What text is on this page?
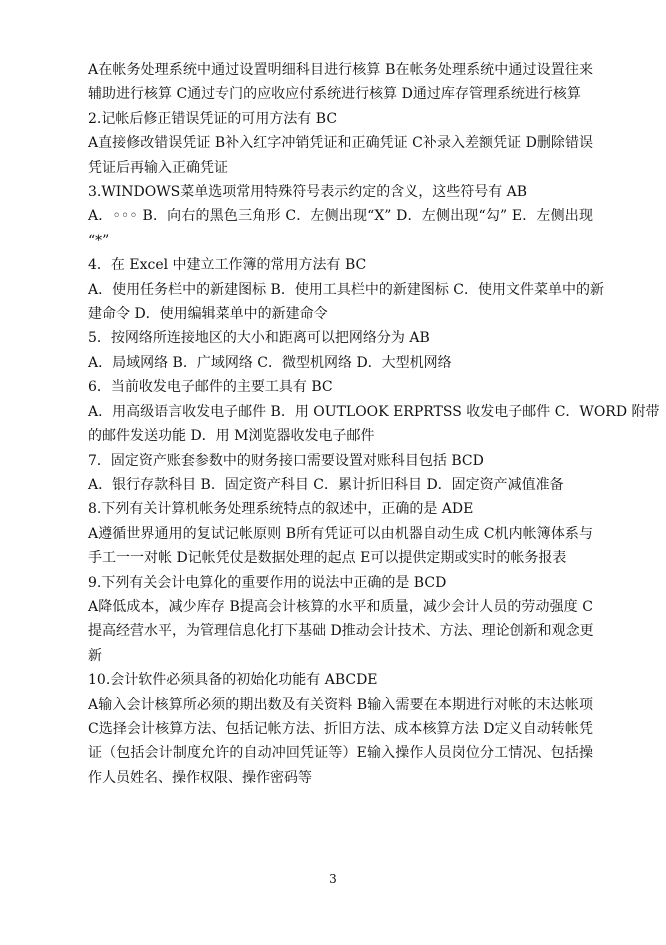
A在帐务处理系统中通过设置明细科目进行核算 B在帐务处理系统中通过设置往来
辅助进行核算 C通过专门的应收应付系统进行核算 D通过库存管理系统进行核算
2.记帐后修正错误凭证的可用方法有 BC
A直接修改错误凭证 B补入红字冲销凭证和正确凭证 C补录入差额凭证 D删除错误
凭证后再输入正确凭证
3.WINDOWS菜单选项常用特殊符号表示约定的含义，这些符号有 AB
A．◦◦◦ B．向右的黑色三角形 C．左侧出现“X” D．左侧出现“勾” E．左侧出现
“*”
4．在 Excel 中建立工作簿的常用方法有 BC
A．使用任务栏中的新建图标 B．使用工具栏中的新建图标 C．使用文件菜单中的新
建命令 D．使用编辑菜单中的新建命令
5．按网络所连接地区的大小和距离可以把网络分为 AB
A．局域网络 B．广域网络 C．微型机网络 D．大型机网络
6．当前收发电子邮件的主要工具有 BC
A．用高级语言收发电子邮件 B．用 OUTLOOK ERPRTSS 收发电子邮件 C．WORD 附带
的邮件发送功能 D．用 M浏览器收发电子邮件
7．固定资产账套参数中的财务接口需要设置对账科目包括 BCD
A．银行存款科目 B．固定资产科目 C．累计折旧科目 D．固定资产减值准备
8.下列有关计算机帐务处理系统特点的叙述中，正确的是 ADE
A遵循世界通用的复试记帐原则 B所有凭证可以由机器自动生成 C机内帐簿体系与
手工一一对帐 D记帐凭仗是数据处理的起点 E可以提供定期或实时的帐务报表
9.下列有关会计电算化的重要作用的说法中正确的是 BCD
A降低成本，减少库存 B提高会计核算的水平和质量，减少会计人员的劳动强度 C
提高经营水平，为管理信息化打下基础 D推动会计技术、方法、理论创新和观念更
新
10.会计软件必须具备的初始化功能有 ABCDE
A输入会计核算所必须的期出数及有关资料 B输入需要在本期进行对帐的末达帐项
C选择会计核算方法、包括记帐方法、折旧方法、成本核算方法 D定义自动转帐凭
证（包括会计制度允许的自动冲回凭证等）E输入操作人员岗位分工情况、包括操
作人员姓名、操作权限、操作密码等
3
